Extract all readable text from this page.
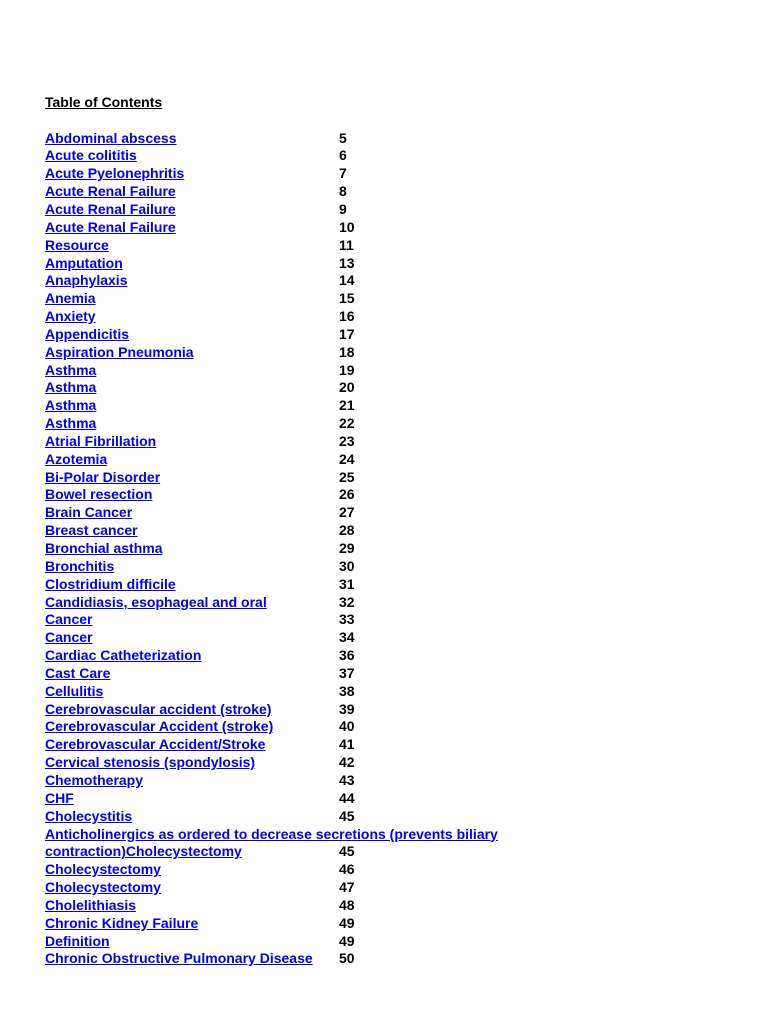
Table of Contents
Abdominal abscess	5
Acute colititis	6
Acute Pyelonephritis	7
Acute Renal Failure	8
Acute Renal Failure	9
Acute Renal Failure	10
Resource	11
Amputation	13
Anaphylaxis	14
Anemia	15
Anxiety	16
Appendicitis	17
Aspiration Pneumonia	18
Asthma	19
Asthma	20
Asthma	21
Asthma	22
Atrial Fibrillation	23
Azotemia	24
Bi-Polar Disorder	25
Bowel resection	26
Brain Cancer	27
Breast cancer	28
Bronchial asthma	29
Bronchitis	30
Clostridium difficile	31
Candidiasis, esophageal and oral	32
Cancer	33
Cancer	34
Cardiac Catheterization	36
Cast Care	37
Cellulitis	38
Cerebrovascular accident (stroke)	39
Cerebrovascular Accident (stroke)	40
Cerebrovascular Accident/Stroke	41
Cervical stenosis (spondylosis)	42
Chemotherapy	43
CHF	44
Cholecystitis	45
Anticholinergics as ordered to decrease secretions (prevents biliary contraction)Cholecystectomy	45
Cholecystectomy	46
Cholecystectomy	47
Cholelithiasis	48
Chronic Kidney Failure	49
Definition	49
Chronic Obstructive Pulmonary Disease 50
